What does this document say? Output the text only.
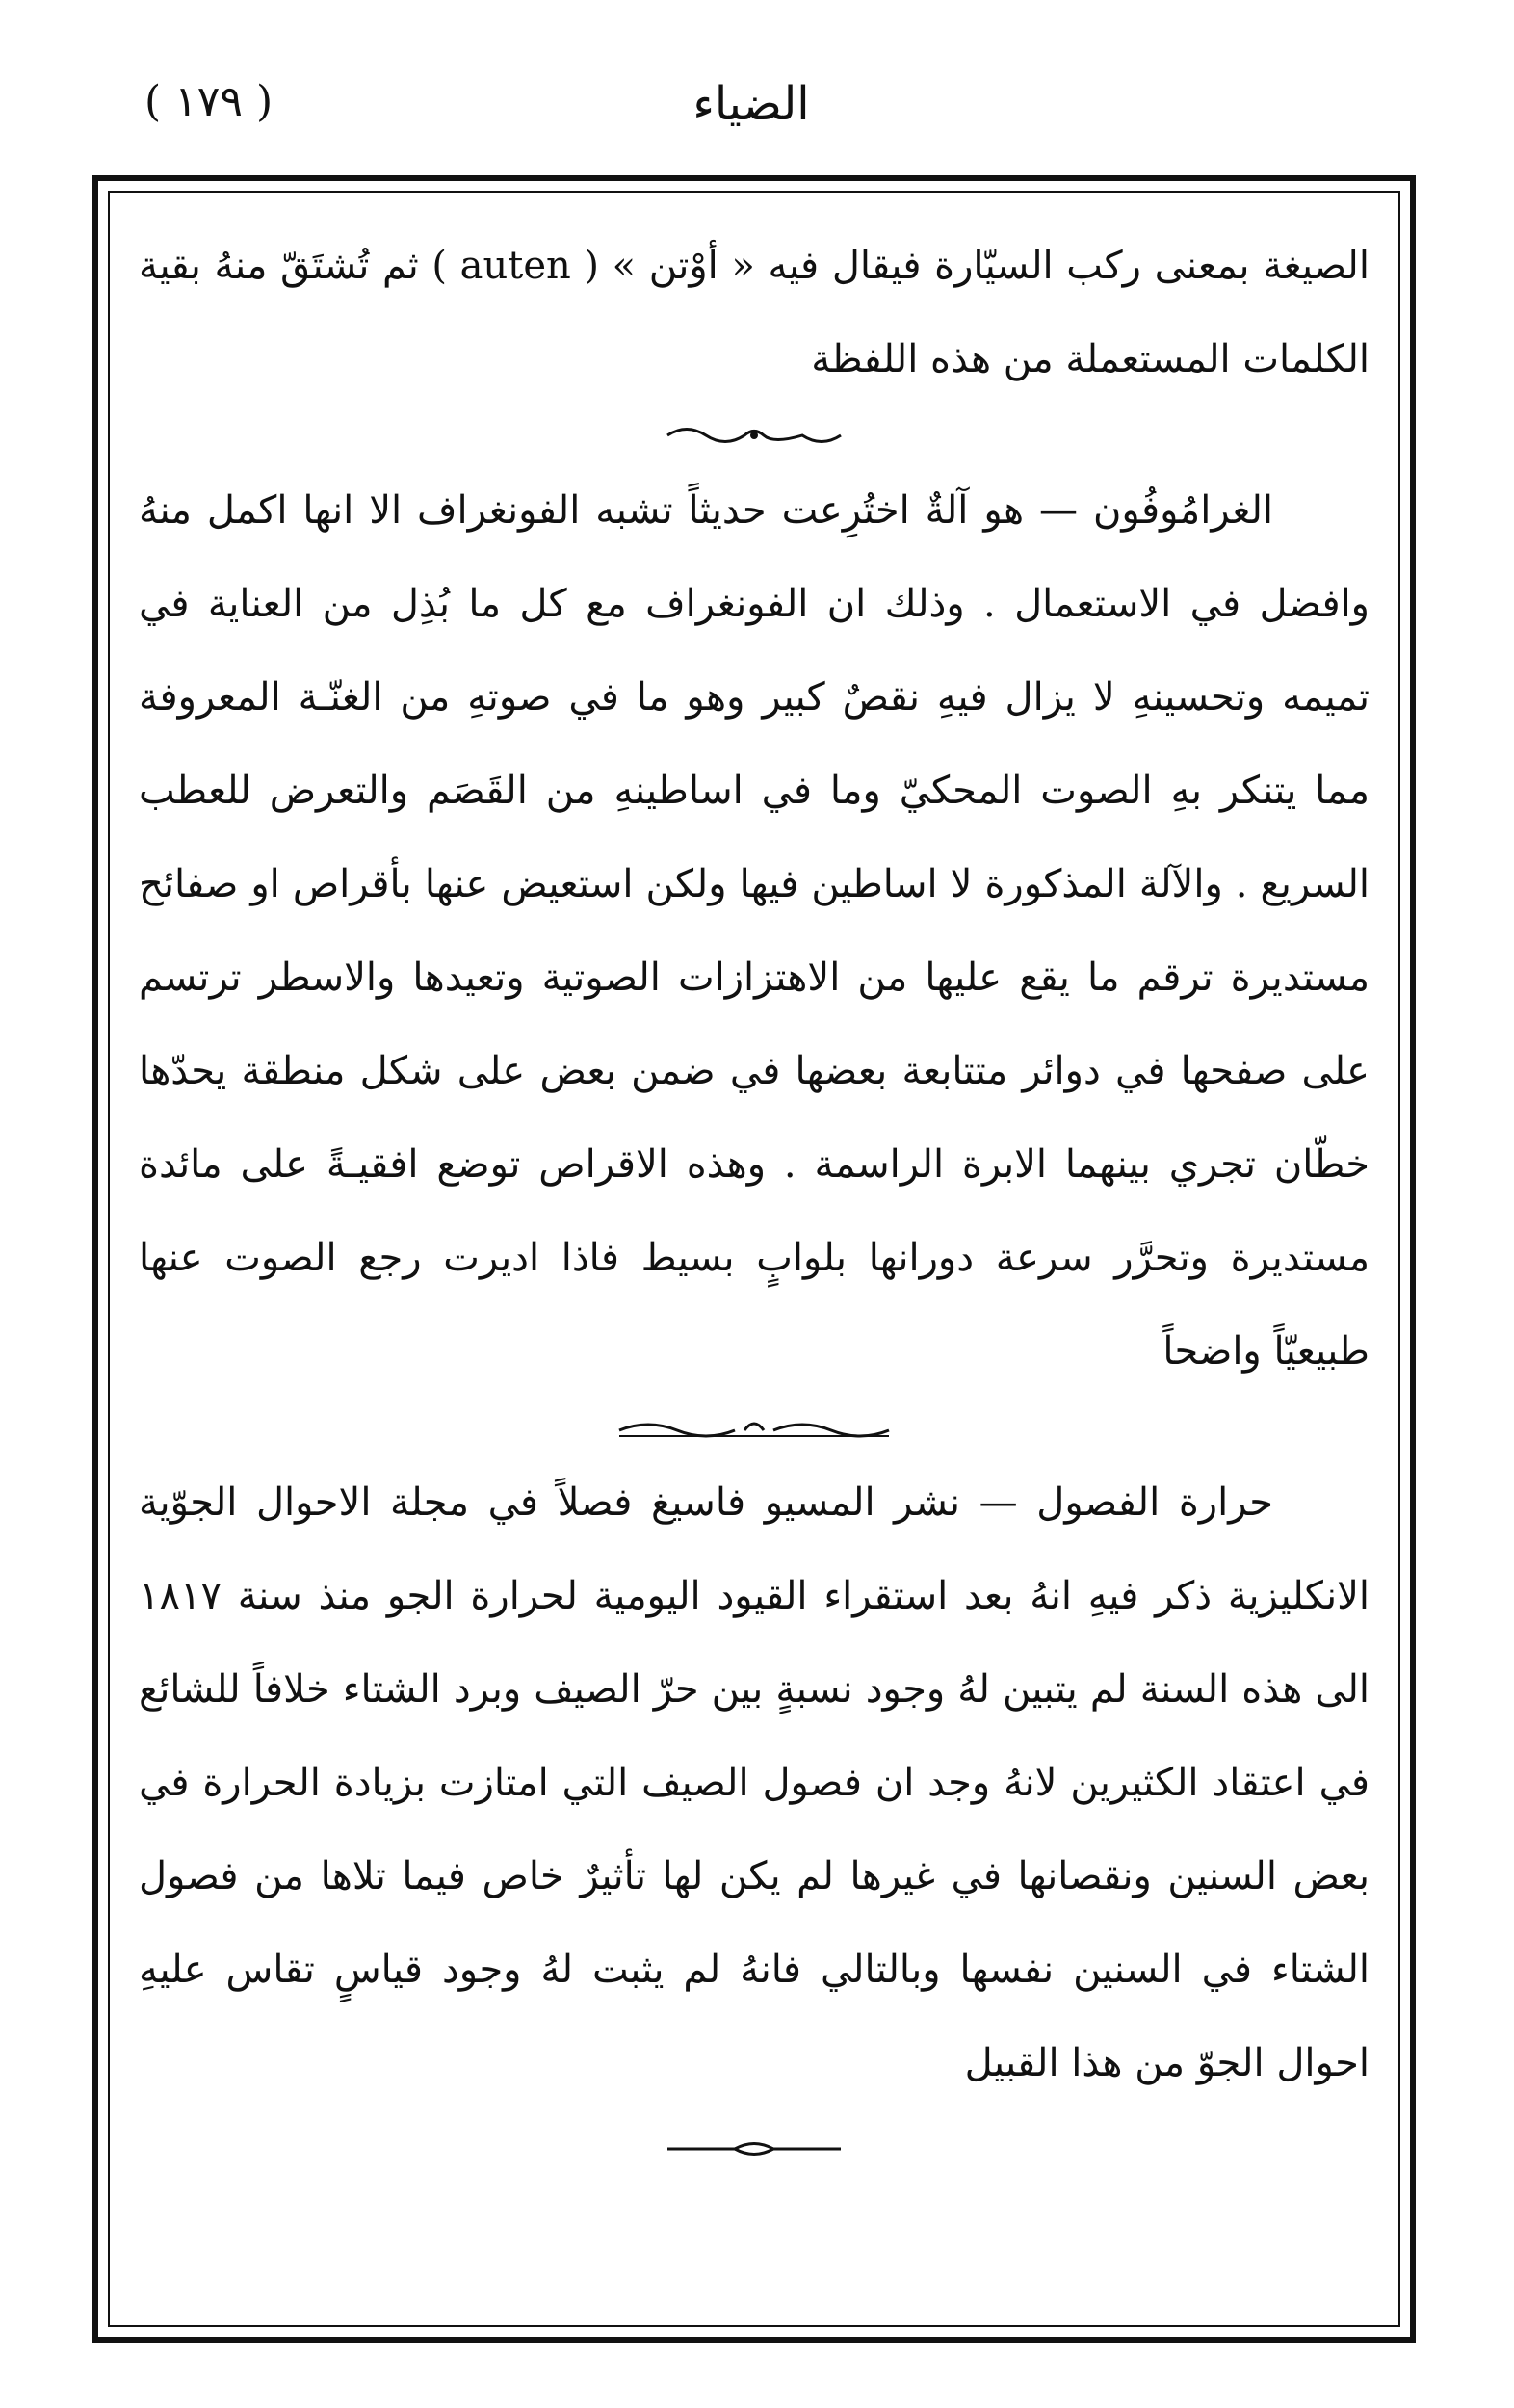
( ١٧٩ )	الضياء

الصيغة بمعنى ركب السيّارة فيقال فيه « أوْتن » ( auten ) ثم تُشتَقّ منهُ بقية الكلمات المستعملة من هذه اللفظة

الغرامُوفُون — هو آلةٌ اختُرِعت حديثاً تشبه الفونغراف الا انها اكمل منهُ وافضل في الاستعمال . وذلك ان الفونغراف مع كل ما بُذِل من العناية في تميمه وتحسينهِ لا يزال فيهِ نقصٌ كبير وهو ما في صوتهِ من الغنّـة المعروفة مما يتنكر بهِ الصوت المحكيّ وما في اساطينهِ من القَصَم والتعرض للعطب السريع . والآلة المذكورة لا اساطين فيها ولكن استعيض عنها بأقراص او صفائح مستديرة ترقم ما يقع عليها من الاهتزازات الصوتية وتعيدها والاسطر ترتسم على صفحها في دوائر متتابعة بعضها في ضمن بعض على شكل منطقة يحدّها خطّان تجري بينهما الابرة الراسمة . وهذه الاقراص توضع افقيـةً على مائدة مستديرة وتحرَّر سرعة دورانها بلوابٍ بسيط فاذا اديرت رجع الصوت عنها طبيعيّاً واضحاً

حرارة الفصول — نشر المسيو فاسيغ فصلاً في مجلة الاحوال الجوّية الانكليزية ذكر فيهِ انهُ بعد استقراء القيود اليومية لحرارة الجو منذ سنة ١٨١٧ الى هذه السنة لم يتبين لهُ وجود نسبةٍ بين حرّ الصيف وبرد الشتاء خلافاً للشائع في اعتقاد الكثيرين لانهُ وجد ان فصول الصيف التي امتازت بزيادة الحرارة في بعض السنين ونقصانها في غيرها لم يكن لها تأثيرٌ خاص فيما تلاها من فصول الشتاء في السنين نفسها وبالتالي فانهُ لم يثبت لهُ وجود قياسٍ تقاس عليهِ احوال الجوّ من هذا القبيل
